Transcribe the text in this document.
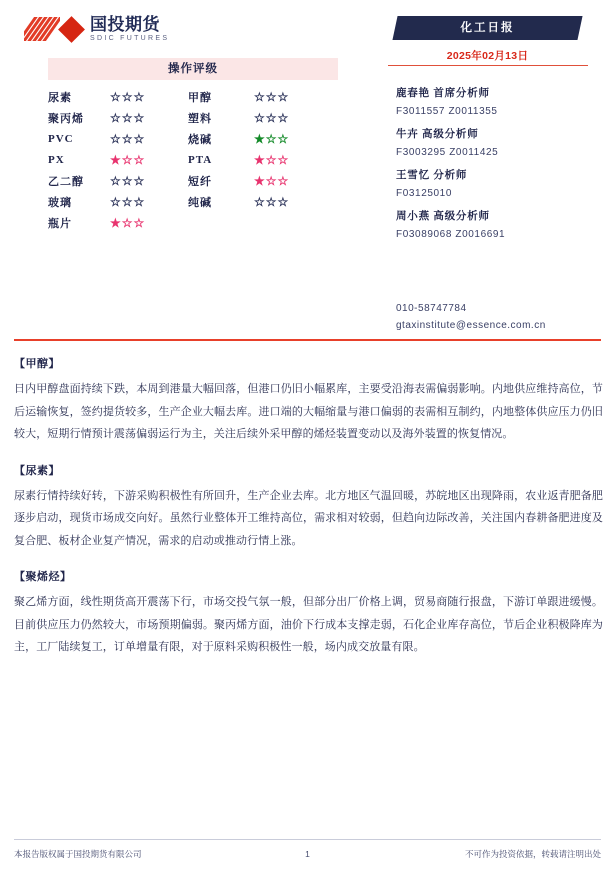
国投期货
SDIC FUTURES
操作评级
尿素	☆☆☆	甲醇	☆☆☆
聚丙烯	☆☆☆	塑料	☆☆☆
PVC	☆☆☆	烧碱	★☆☆
PX	★☆☆	PTA	★☆☆
乙二醇	☆☆☆	短纤	★☆☆
玻璃	☆☆☆	纯碱	☆☆☆
瓶片	★☆☆
化工日报
2025年02月13日
鹿春艳 首席分析师
F3011557 Z0011355
牛卉 高级分析师
F3003295 Z0011425
王雪忆 分析师
F03125010
周小燕 高级分析师
F03089068 Z0016691
010-58747784
gtaxinstitute@essence.com.cn
【甲醇】
日内甲醇盘面持续下跌，本周到港量大幅回落，但港口仍旧小幅累库，主要受沿海表需偏弱影响。内地供应维持高位，节后运输恢复，签约提货较多，生产企业大幅去库。进口端的大幅缩量与港口偏弱的表需相互制约，内地整体供应压力仍旧较大，短期行情预计震荡偏弱运行为主，关注后续外采甲醇的烯烃装置变动以及海外装置的恢复情况。
【尿素】
尿素行情持续好转，下游采购积极性有所回升，生产企业去库。北方地区气温回暖，苏皖地区出现降雨，农业返青肥备肥逐步启动，现货市场成交向好。虽然行业整体开工维持高位，需求相对较弱，但趋向边际改善，关注国内春耕备肥进度及复合肥、板材企业复产情况，需求的启动或推动行情上涨。
【聚烯烃】
聚乙烯方面，线性期货高开震荡下行，市场交投气氛一般，但部分出厂价格上调，贸易商随行报盘，下游订单跟进缓慢。目前供应压力仍然较大，市场预期偏弱。聚丙烯方面，油价下行成本支撑走弱，石化企业库存高位，节后企业积极降库为主，工厂陆续复工，订单增量有限，对于原料采购积极性一般，场内成交放量有限。
本报告版权属于国投期货有限公司	1	不可作为投资依据，转载请注明出处
